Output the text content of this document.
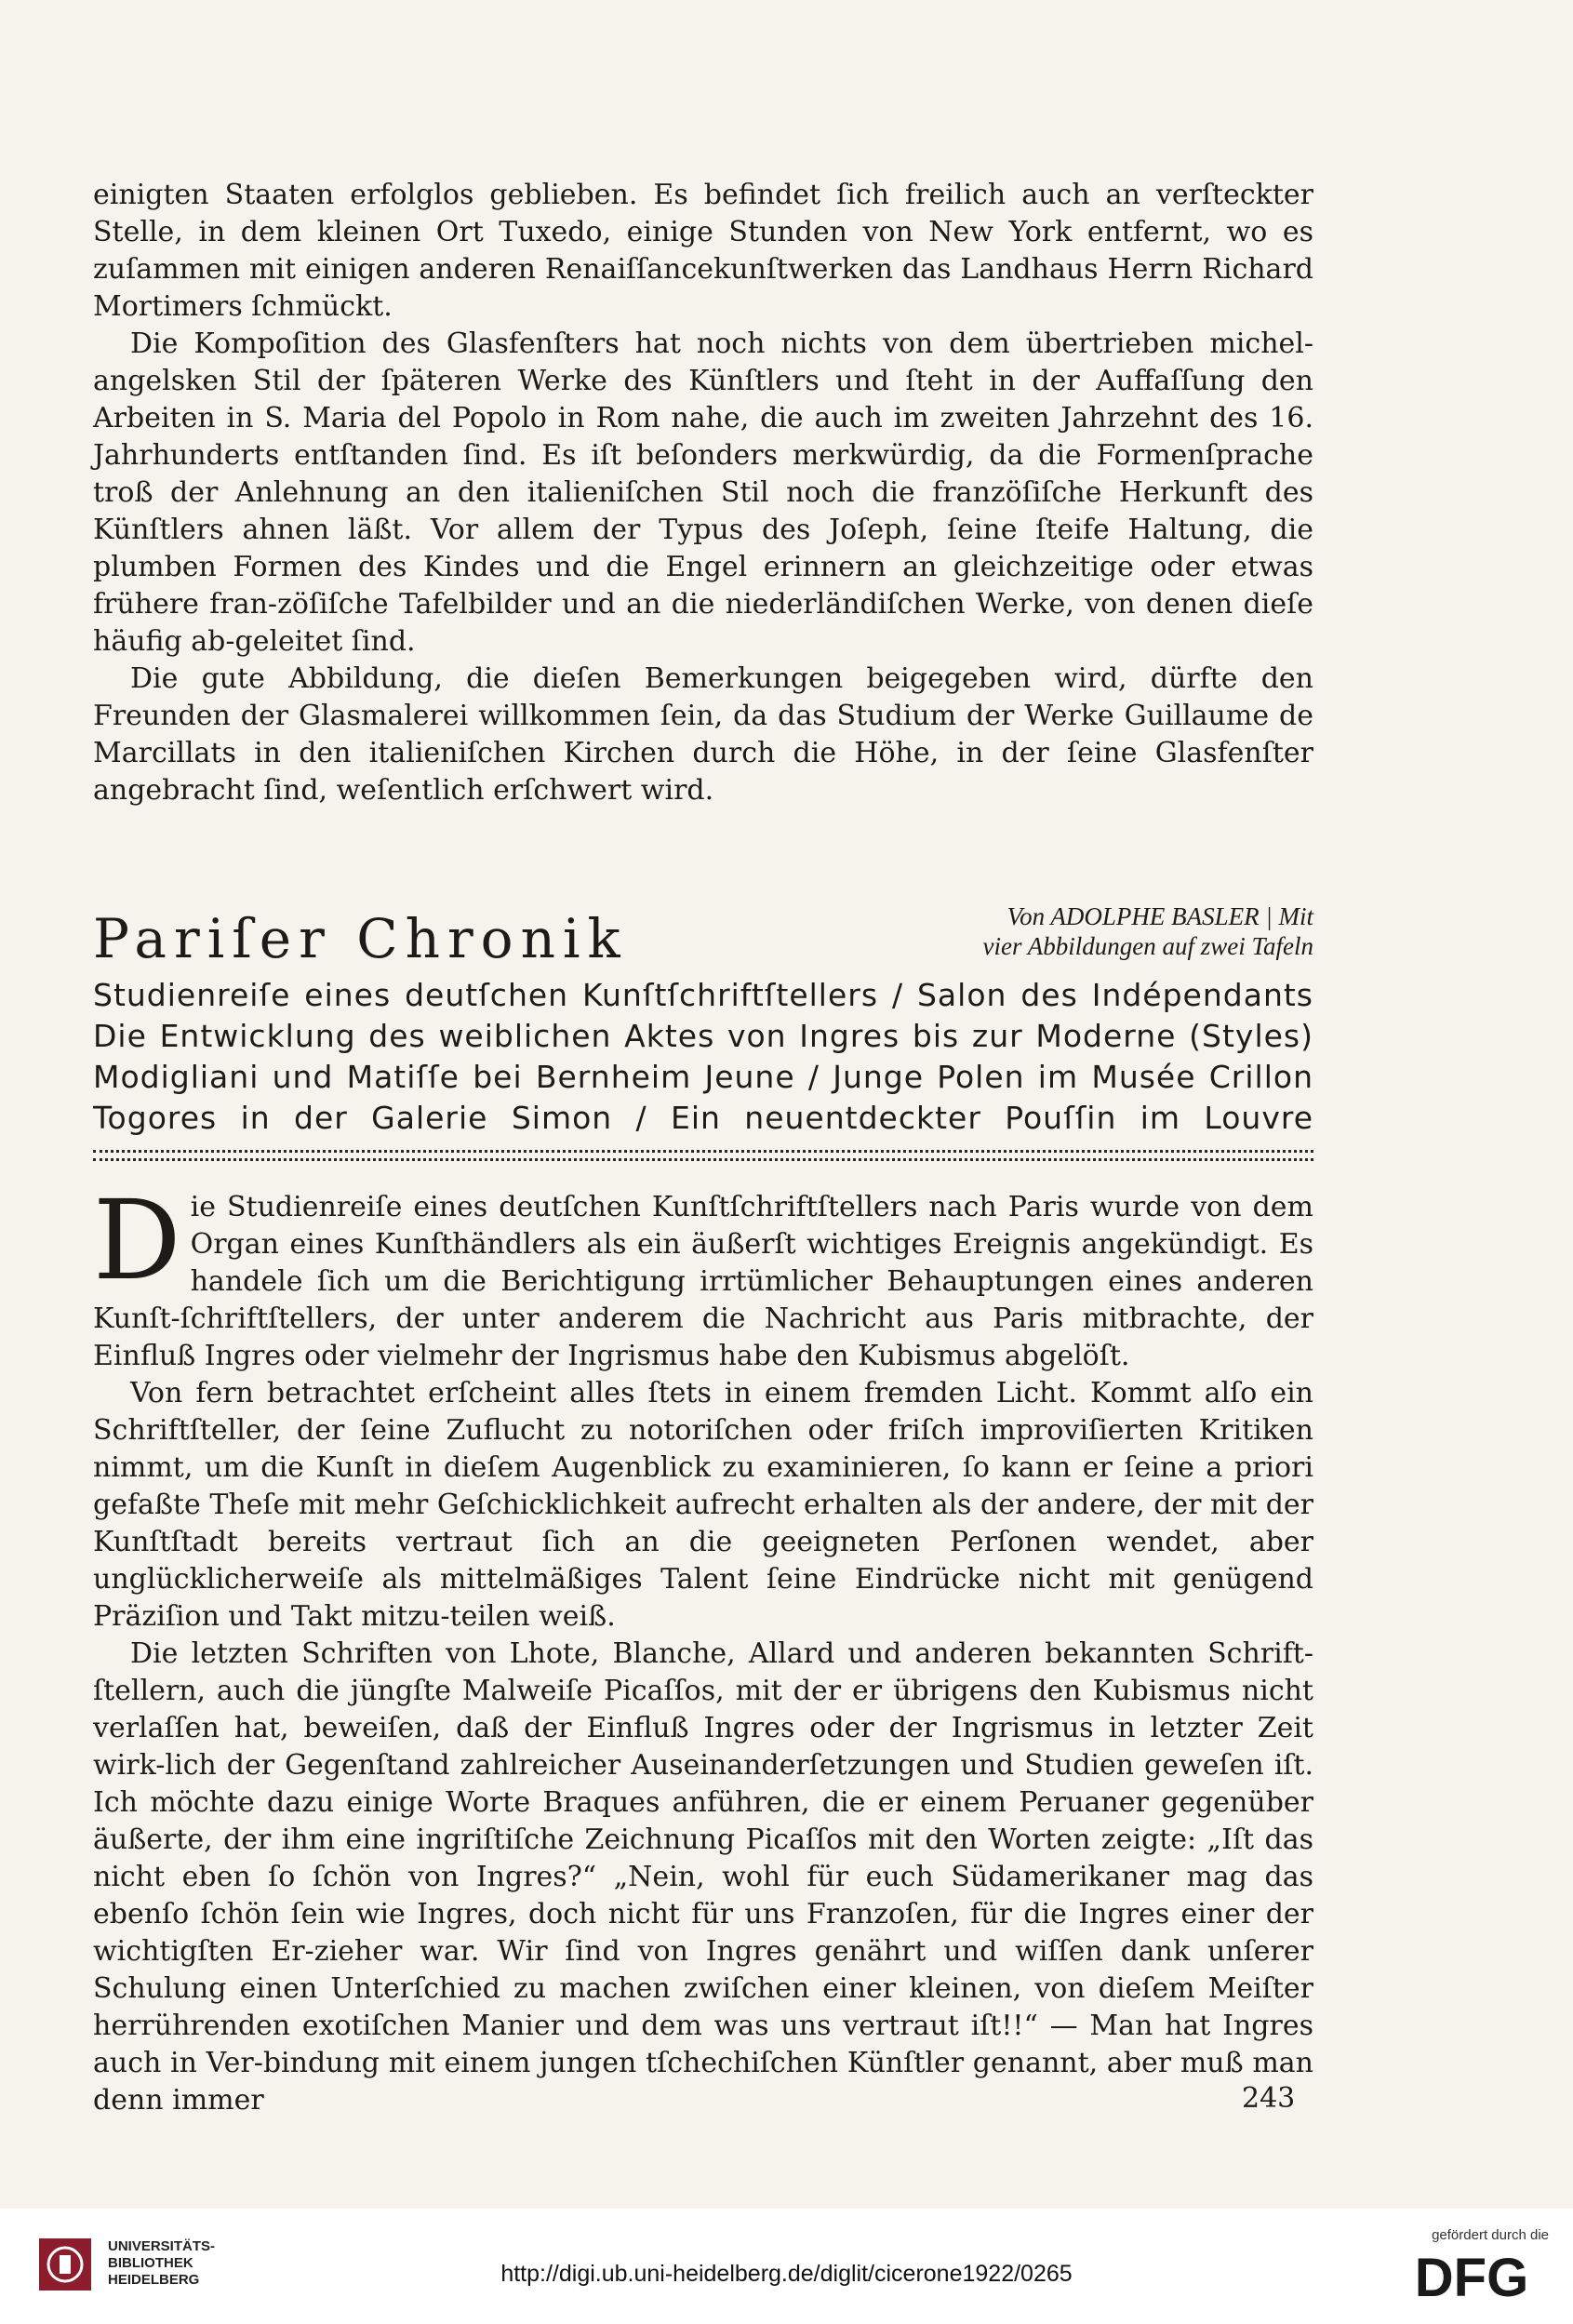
einigten Staaten erfolglos geblieben. Es befindet ſich freilich auch an verſteckter Stelle, in dem kleinen Ort Tuxedo, einige Stunden von New York entfernt, wo es zuſammen mit einigen anderen Renaiſſancekunſtwerken das Landhaus Herrn Richard Mortimers ſchmückt.

Die Kompoſition des Glasfenſters hat noch nichts von dem übertrieben michel-angelsken Stil der ſpäteren Werke des Künſtlers und ſteht in der Auffaſſung den Arbeiten in S. Maria del Popolo in Rom nahe, die auch im zweiten Jahrzehnt des 16. Jahrhunderts entſtanden ſind. Es iſt beſonders merkwürdig, da die Formenſprache troß der Anlehnung an den italieniſchen Stil noch die franzöſiſche Herkunft des Künſtlers ahnen läßt. Vor allem der Typus des Joſeph, ſeine ſteife Haltung, die plumben Formen des Kindes und die Engel erinnern an gleichzeitige oder etwas frühere fran-zöſiſche Tafelbilder und an die niederländiſchen Werke, von denen dieſe häufig ab-geleitet ſind.

Die gute Abbildung, die dieſen Bemerkungen beigegeben wird, dürfte den Freunden der Glasmalerei willkommen ſein, da das Studium der Werke Guillaume de Marcillats in den italieniſchen Kirchen durch die Höhe, in der ſeine Glasfenſter angebracht ſind, weſentlich erſchwert wird.

Pariſer Chronik	Von ADOLPHE BASLER | Mit
vier Abbildungen auf zwei Tafeln
Studienreiſe eines deutſchen Kunſtſchriftſtellers / Salon des Indépendants
Die Entwicklung des weiblichen Aktes von Ingres bis zur Moderne (Styles)
Modigliani und Matiſſe bei Bernheim Jeune / Junge Polen im Musée Crillon
Togores in der Galerie Simon / Ein neuentdeckter Pouſſin im Louvre

Die Studienreiſe eines deutſchen Kunſtſchriftſtellers nach Paris wurde von dem Organ eines Kunſthändlers als ein äußerſt wichtiges Ereignis angekündigt. Es handele ſich um die Berichtigung irrtümlicher Behauptungen eines anderen Kunſt-ſchriftſtellers, der unter anderem die Nachricht aus Paris mitbrachte, der Einfluß Ingres oder vielmehr der Ingrismus habe den Kubismus abgelöſt.

Von fern betrachtet erſcheint alles ſtets in einem fremden Licht. Kommt alſo ein Schriftſteller, der ſeine Zuflucht zu notoriſchen oder friſch improviſierten Kritiken nimmt, um die Kunſt in dieſem Augenblick zu examinieren, ſo kann er ſeine a priori gefaßte Theſe mit mehr Geſchicklichkeit aufrecht erhalten als der andere, der mit der Kunſtſtadt bereits vertraut ſich an die geeigneten Perſonen wendet, aber unglücklicherweiſe als mittelmäßiges Talent ſeine Eindrücke nicht mit genügend Präziſion und Takt mitzu-teilen weiß.

Die letzten Schriften von Lhote, Blanche, Allard und anderen bekannten Schrift-ſtellern, auch die jüngſte Malweiſe Picaſſos, mit der er übrigens den Kubismus nicht verlaſſen hat, beweiſen, daß der Einfluß Ingres oder der Ingrismus in letzter Zeit wirk-lich der Gegenſtand zahlreicher Auseinanderſetzungen und Studien geweſen iſt. Ich möchte dazu einige Worte Braques anführen, die er einem Peruaner gegenüber äußerte, der ihm eine ingriſtiſche Zeichnung Picaſſos mit den Worten zeigte: „Iſt das nicht eben ſo ſchön von Ingres?“ „Nein, wohl für euch Südamerikaner mag das ebenſo ſchön ſein wie Ingres, doch nicht für uns Franzoſen, für die Ingres einer der wichtigſten Er-zieher war. Wir ſind von Ingres genährt und wiſſen dank unſerer Schulung einen Unterſchied zu machen zwiſchen einer kleinen, von dieſem Meiſter herrührenden exotiſchen Manier und dem was uns vertraut iſt!!“ — Man hat Ingres auch in Ver-bindung mit einem jungen tſchechiſchen Künſtler genannt, aber muß man denn immer	243
UNIVERSITÄTS-
BIBLIOTHEK
HEIDELBERG	http://digi.ub.uni-heidelberg.de/diglit/cicerone1922/0265
gefördert durch die
DFG
